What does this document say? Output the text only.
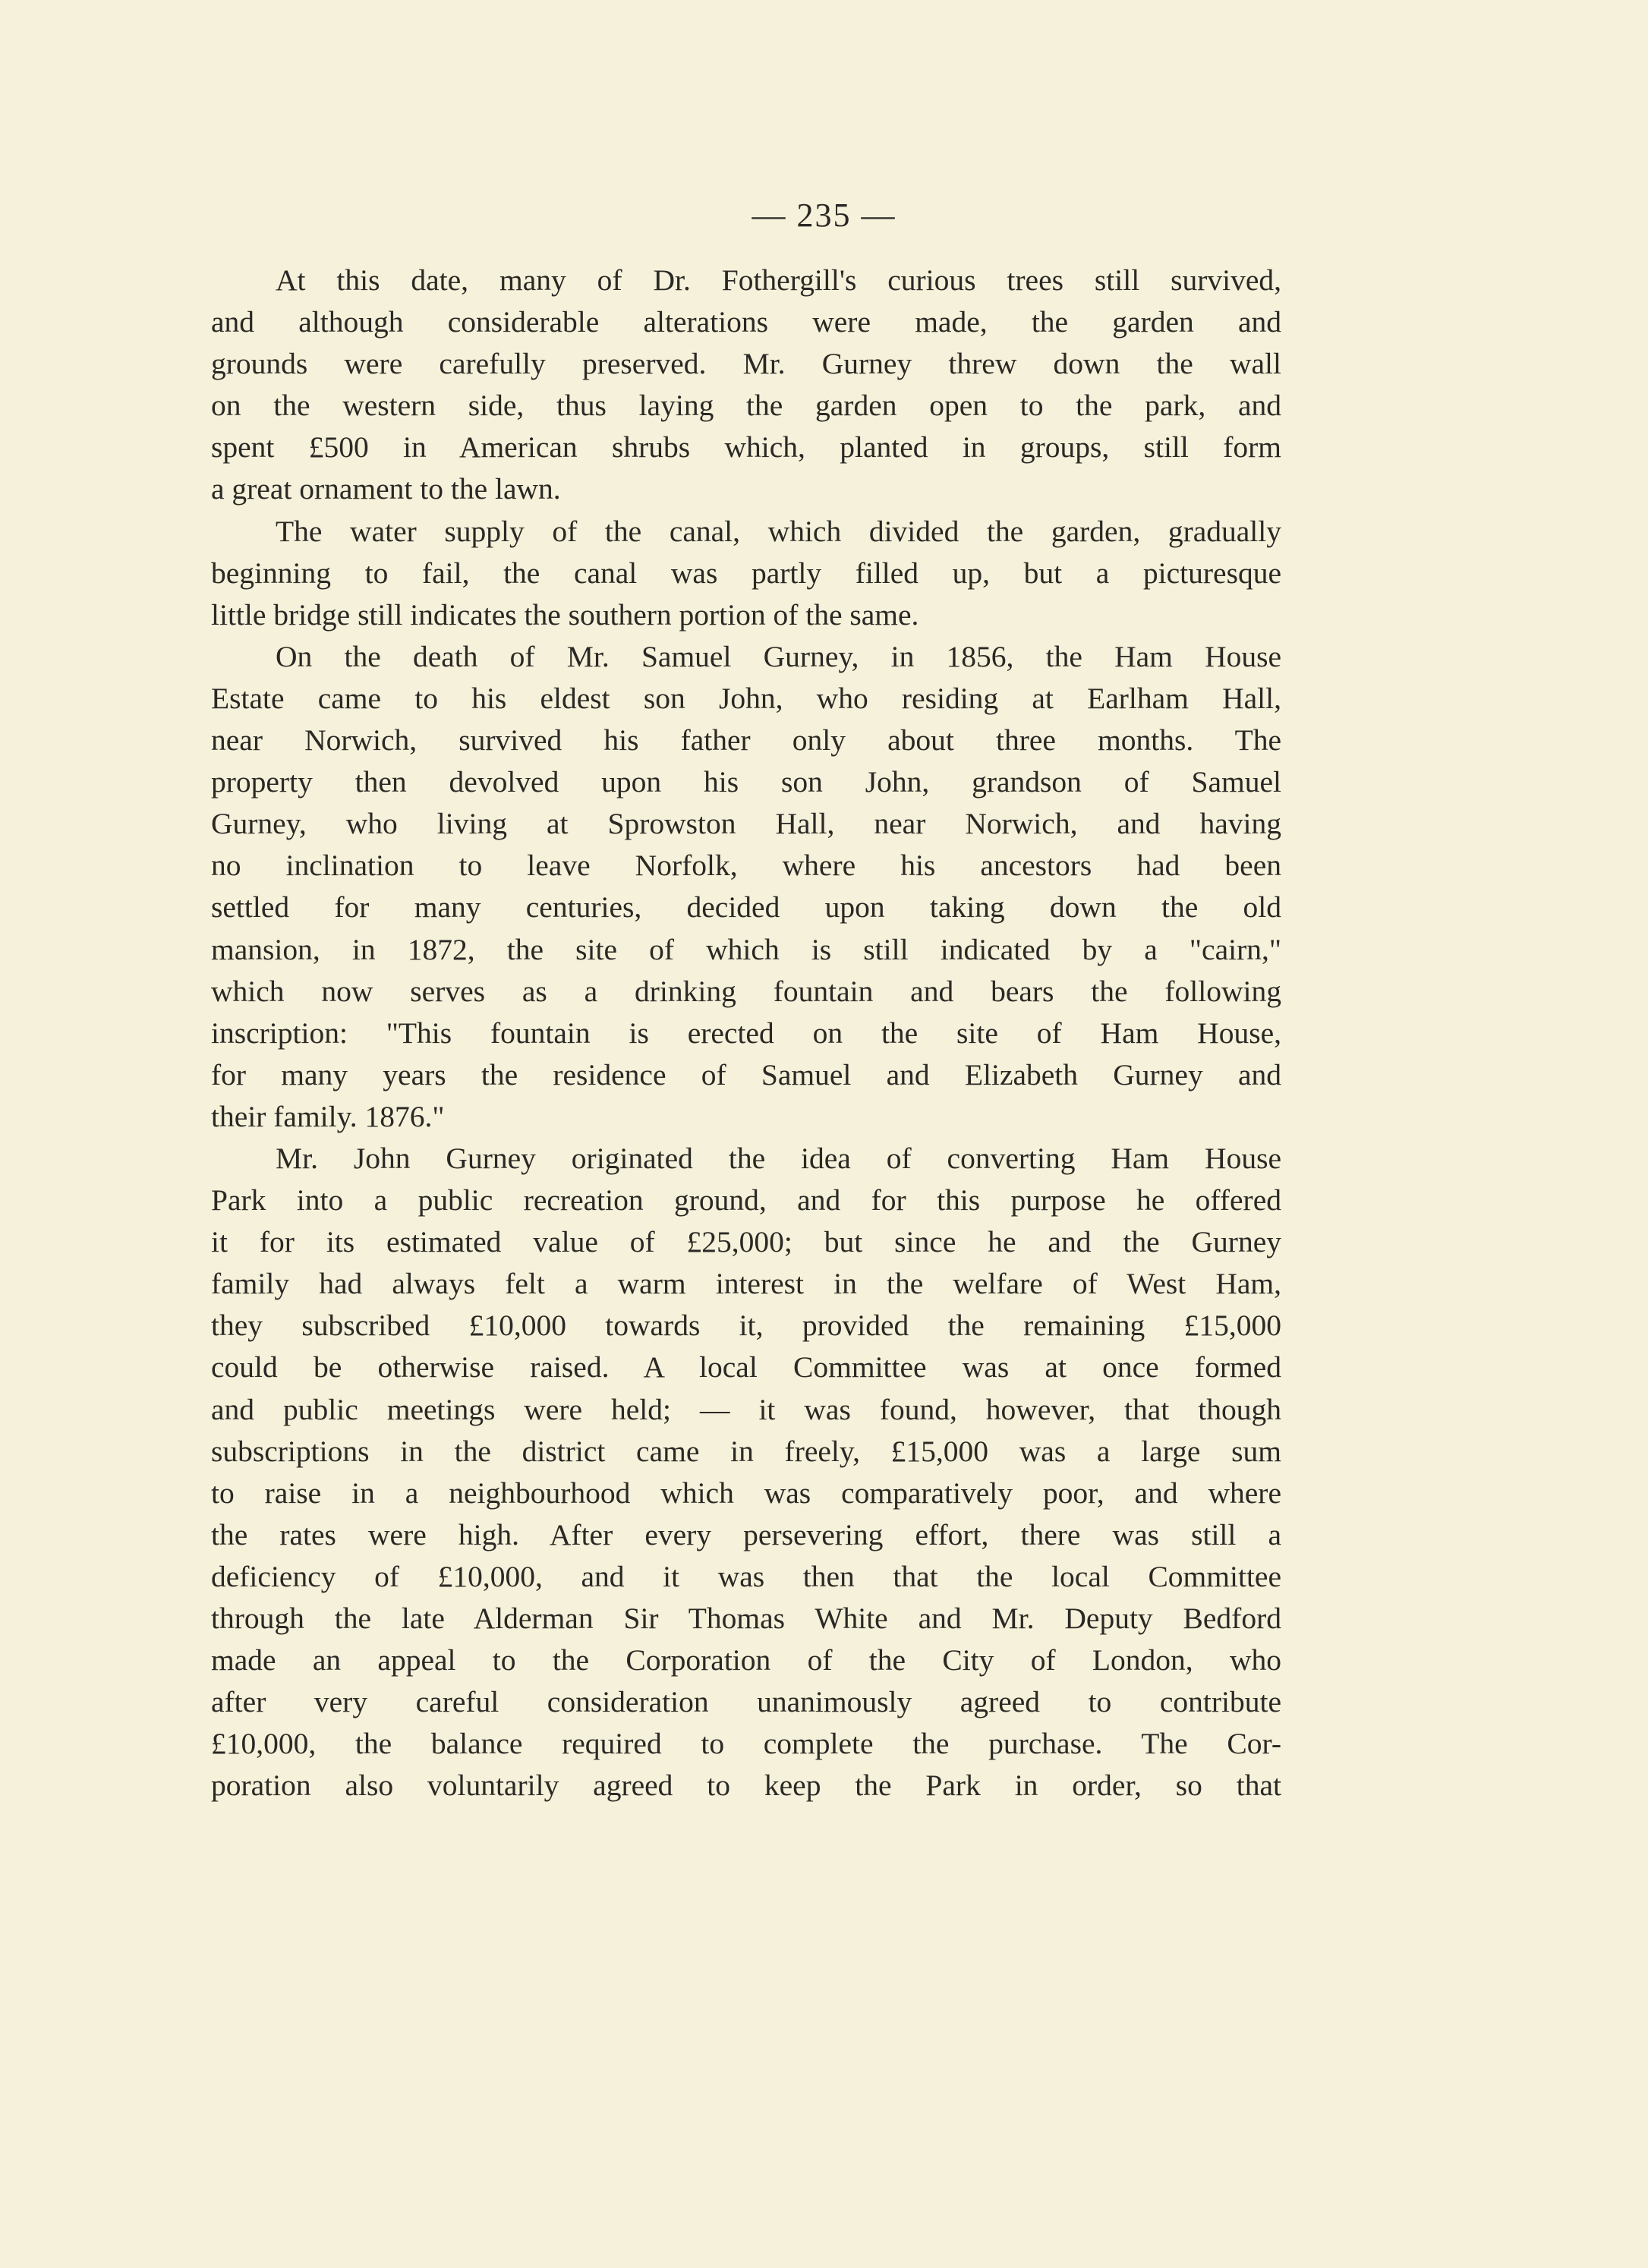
— 235 —
At this date, many of Dr. Fothergill's curious trees still survived,
and although considerable alterations were made, the garden and
grounds were carefully preserved. Mr. Gurney threw down the wall
on the western side, thus laying the garden open to the park, and
spent £500 in American shrubs which, planted in groups, still form
a great ornament to the lawn.
The water supply of the canal, which divided the garden, gradually
beginning to fail, the canal was partly filled up, but a picturesque
little bridge still indicates the southern portion of the same.
On the death of Mr. Samuel Gurney, in 1856, the Ham House
Estate came to his eldest son John, who residing at Earlham Hall,
near Norwich, survived his father only about three months. The
property then devolved upon his son John, grandson of Samuel
Gurney, who living at Sprowston Hall, near Norwich, and having
no inclination to leave Norfolk, where his ancestors had been
settled for many centuries, decided upon taking down the old
mansion, in 1872, the site of which is still indicated by a "cairn,"
which now serves as a drinking fountain and bears the following
inscription: "This fountain is erected on the site of Ham House,
for many years the residence of Samuel and Elizabeth Gurney and
their family. 1876."
Mr. John Gurney originated the idea of converting Ham House
Park into a public recreation ground, and for this purpose he offered
it for its estimated value of £25,000; but since he and the Gurney
family had always felt a warm interest in the welfare of West Ham,
they subscribed £10,000 towards it, provided the remaining £15,000
could be otherwise raised. A local Committee was at once formed
and public meetings were held; — it was found, however, that though
subscriptions in the district came in freely, £15,000 was a large sum
to raise in a neighbourhood which was comparatively poor, and where
the rates were high. After every persevering effort, there was still a
deficiency of £10,000, and it was then that the local Committee
through the late Alderman Sir Thomas White and Mr. Deputy Bedford
made an appeal to the Corporation of the City of London, who
after very careful consideration unanimously agreed to contribute
£10,000, the balance required to complete the purchase. The Cor-
poration also voluntarily agreed to keep the Park in order, so that
